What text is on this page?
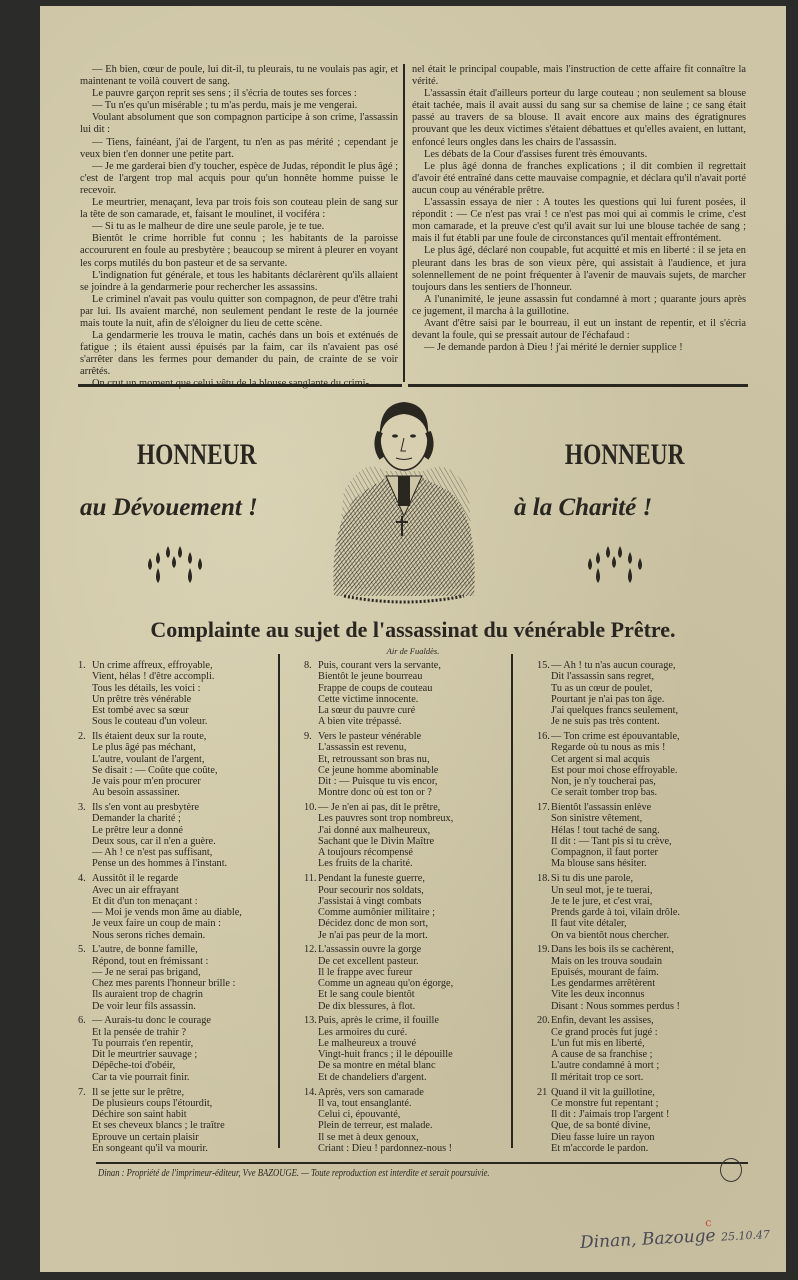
— Eh bien, cœur de poule, lui dit-il, tu pleurais, tu ne voulais pas agir, et maintenant te voilà couvert de sang.

Le pauvre garçon reprit ses sens ; il s'écria de toutes ses forces :

— Tu n'es qu'un misérable ; tu m'as perdu, mais je me vengerai.

Voulant absolument que son compagnon participe à son crime, l'assassin lui dit :

— Tiens, fainéant, j'ai de l'argent, tu n'en as pas mérité ; cependant je veux bien t'en donner une petite part.

— Je me garderai bien d'y toucher, espèce de Judas, répondit le plus âgé ; c'est de l'argent trop mal acquis pour qu'un honnête homme puisse le recevoir.

Le meurtrier, menaçant, leva par trois fois son couteau plein de sang sur la tête de son camarade, et, faisant le moulinet, il vociféra :

— Si tu as le malheur de dire une seule parole, je te tue.

Bientôt le crime horrible fut connu ; les habitants de la paroisse accoururent en foule au presbytère ; beaucoup se mirent à pleurer en voyant les corps mutilés du bon pasteur et de sa servante.

L'indignation fut générale, et tous les habitants déclarèrent qu'ils allaient se joindre à la gendarmerie pour rechercher les assassins.

Le criminel n'avait pas voulu quitter son compagnon, de peur d'être trahi par lui. Ils avaient marché, non seulement pendant le reste de la journée mais toute la nuit, afin de s'éloigner du lieu de cette scène.

La gendarmerie les trouva le matin, cachés dans un bois et exténués de fatigue ; ils étaient aussi épuisés par la faim, car ils n'avaient pas osé s'arrêter dans les fermes pour demander du pain, de crainte de se voir arrêtés.

nel était le principal coupable, mais l'instruction de cette affaire fit connaître la vérité.

L'assassin était d'ailleurs porteur du large couteau ; non seulement sa blouse était tachée, mais il avait aussi du sang sur sa chemise de laine ; ce sang était passé au travers de sa blouse. Il avait encore aux mains des égratignures prouvant que les deux victimes s'étaient débattues et qu'elles avaient, en luttant, enfoncé leurs ongles dans les chairs de l'assassin.

Les débats de la Cour d'assises furent très émouvants.

Le plus âgé donna de franches explications ; il dit combien il regrettait d'avoir été entraîné dans cette mauvaise compagnie, et déclara qu'il n'avait porté aucun coup au vénérable prêtre.

L'assassin essaya de nier : A toutes les questions qui lui furent posées, il répondit : — Ce n'est pas vrai ! ce n'est pas moi qui ai commis le crime, c'est mon camarade, et la preuve c'est qu'il avait sur lui une blouse tachée de sang ; mais il fut établi par une foule de circonstances qu'il mentait effrontément.

Le plus âgé, déclaré non coupable, fut acquitté et mis en liberté : il se jeta en pleurant dans les bras de son vieux père, qui assistait à l'audience, et jura solennellement de ne point fréquenter à l'avenir de mauvais sujets, de marcher toujours dans les sentiers de l'honneur.

A l'unanimité, le jeune assassin fut condamné à mort ; quarante jours après ce jugement, il marcha à la guillotine.

Avant d'être saisi par le bourreau, il eut un instant de repentir, et il s'écria devant la foule, qui se pressait autour de l'échafaud :

— Je demande pardon à Dieu ! j'ai mérité le dernier supplice !

HONNEUR
au Dévouement !
HONNEUR
à la Charité !
Complainte au sujet de l'assassinat du vénérable Prêtre.
Air de Fualdès.
1. Un crime affreux, effroyable,
Vient, hélas ! d'être accompli.
Tous les détails, les voici :
Un prêtre très vénérable
Est tombé avec sa sœur
Sous le couteau d'un voleur.
2. Ils étaient deux sur la route,
Le plus âgé pas méchant,
L'autre, voulant de l'argent,
Se disait : — Coûte que coûte,
Je vais pour m'en procurer
Au besoin assassiner.
3. Ils s'en vont au presbytère
Demander la charité ;
Le prêtre leur a donné
Deux sous, car il n'en a guère.
— Ah ! ce n'est pas suffisant,
Pense un des hommes à l'instant.
4. Aussitôt il le regarde
Avec un air effrayant
Et dit d'un ton menaçant :
— Moi je vends mon âme au diable,
Je veux faire un coup de main :
Nous serons riches demain.
5. L'autre, de bonne famille,
Répond, tout en frémissant :
— Je ne serai pas brigand,
Chez mes parents l'honneur brille :
Ils auraient trop de chagrin
De voir leur fils assassin.
6. — Aurais-tu donc le courage
Et la pensée de trahir ?
Tu pourrais t'en repentir,
Dit le meurtrier sauvage ;
Dépêche-toi d'obéir,
Car ta vie pourrait finir.
7. Il se jette sur le prêtre,
De plusieurs coups l'étourdit,
Déchire son saint habit
Et ses cheveux blancs ; le traître
Eprouve un certain plaisir
En songeant qu'il va mourir.
8. Puis, courant vers la servante,
Bientôt le jeune bourreau
Frappe de coups de couteau
Cette victime innocente.
La sœur du pauvre curé
A bien vite trépassé.
9. Vers le pasteur vénérable
L'assassin est revenu,
Et, retroussant son bras nu,
Ce jeune homme abominable
Dit : — Puisque tu vis encor,
Montre donc où est ton or ?
10.— Je n'en ai pas, dit le prêtre,
Les pauvres sont trop nombreux,
J'ai donné aux malheureux,
Sachant que le Divin Maître
A toujours récompensé
Les fruits de la charité.
11. Pendant la funeste guerre,
Pour secourir nos soldats,
J'assistai à vingt combats
Comme aumônier militaire ;
Décidez donc de mon sort,
Je n'ai pas peur de la mort.
12.L'assassin ouvre la gorge
De cet excellent pasteur.
Il le frappe avec fureur
Comme un agneau qu'on égorge,
Et le sang coule bientôt
De dix blessures, à flot.
13.Puis, après le crime, il fouille
Les armoires du curé.
Le malheureux a trouvé
Vingt-huit francs ; il le dépouille
De sa montre en métal blanc
Et de chandeliers d'argent.
14.Après, vers son camarade
Il va, tout ensanglanté.
Celui ci, épouvanté,
Plein de terreur, est malade.
Il se met à deux genoux,
Criant : Dieu ! pardonnez-nous !
15.— Ah ! tu n'as aucun courage,
Dit l'assassin sans regret,
Tu as un cœur de poulet,
Pourtant je n'ai pas ton âge.
J'ai quelques francs seulement,
Je ne suis pas très content.
16.— Ton crime est épouvantable,
Regarde où tu nous as mis !
Cet argent si mal acquis
Est pour moi chose effroyable.
Non, je n'y toucherai pas,
Ce serait tomber trop bas.
17.Bientôt l'assassin enlève
Son sinistre vêtement,
Hélas ! tout taché de sang.
Il dit : — Tant pis si tu crève,
Compagnon, il faut porter
Ma blouse sans hésiter.
18.Si tu dis une parole,
Un seul mot, je te tuerai,
Je te le jure, et c'est vrai,
Prends garde à toi, vilain drôle.
Il faut vite détaler,
On va bientôt nous chercher.
19.Dans les bois ils se cachèrent,
Mais on les trouva soudain
Epuisés, mourant de faim.
Les gendarmes arrêtèrent
Vite les deux inconnus
Disant : Nous sommes perdus !
20.Enfin, devant les assises,
Ce grand procès fut jugé :
L'un fut mis en liberté,
A cause de sa franchise ;
L'autre condamné à mort ;
Il méritait trop ce sort.
21 Quand il vit la guillotine,
Ce monstre fut repentant ;
Il dit : J'aimais trop l'argent !
Que, de sa bonté divine,
Dieu fasse luire un rayon
Et m'accorde le pardon.
Dinan : Propriété de l'imprimeur-éditeur, Vve BAZOUGE. — Toute reproduction est interdite et serait poursuivie.
Dinan, Bazouge 25.10.47
c
